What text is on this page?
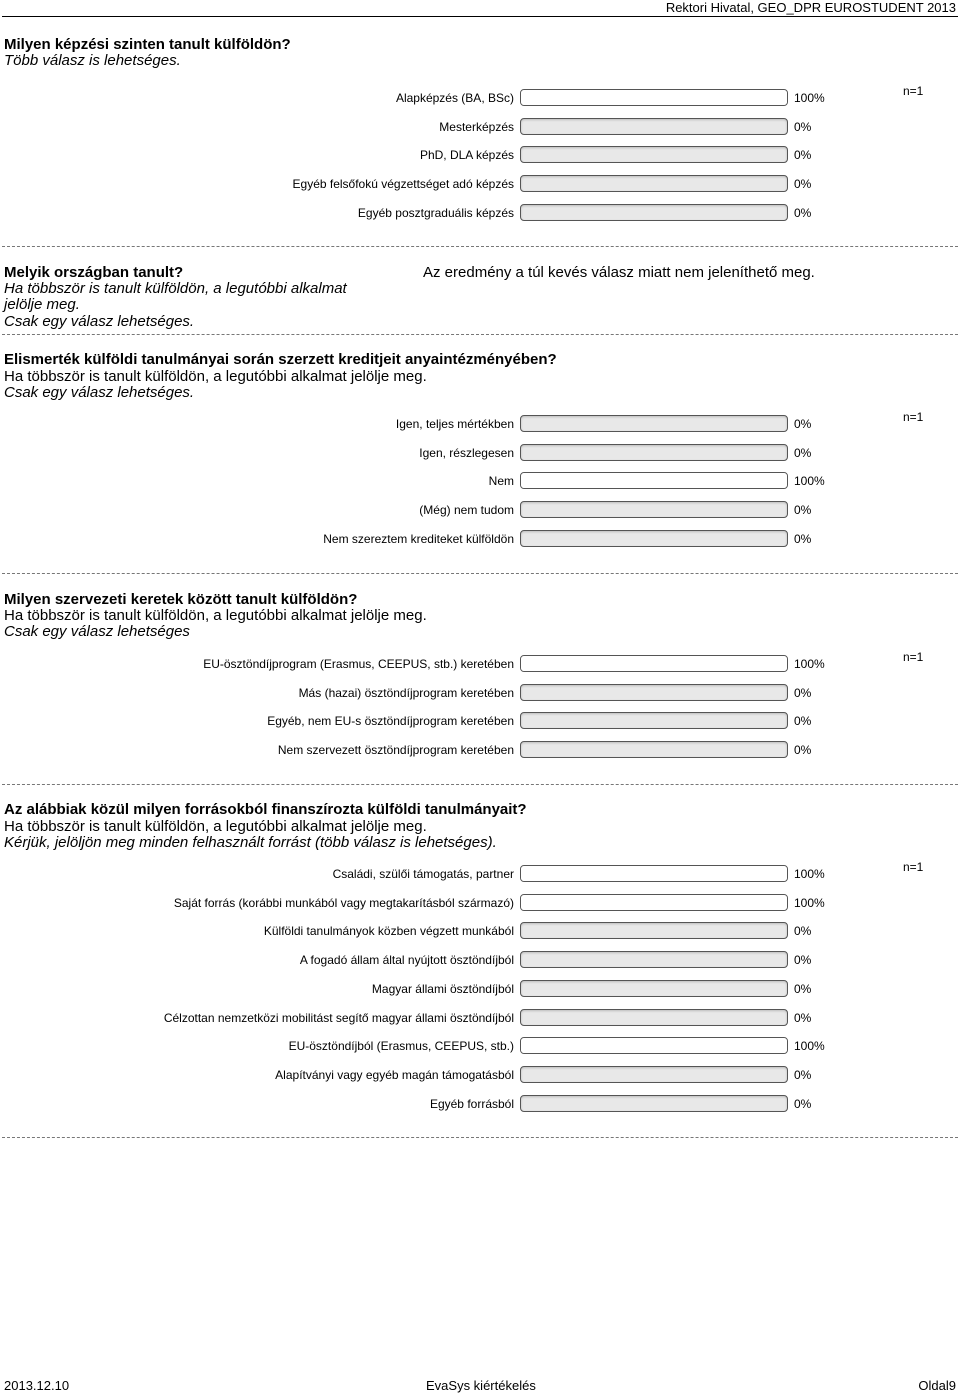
Rektori Hivatal, GEO_DPR EUROSTUDENT 2013
Milyen képzési szinten tanult külföldön?
Több válasz is lehetséges.
n=1
Alapképzés (BA, BSc)	100%
Mesterképzés	0%
PhD, DLA képzés	0%
Egyéb felsőfokú végzettséget adó képzés	0%
Egyéb posztgraduális képzés	0%
Melyik országban tanult?
Ha többször is tanult külföldön, a legutóbbi alkalmat
jelölje meg.
Csak egy válasz lehetséges.
Az eredmény a túl kevés válasz miatt nem jeleníthető meg.
Elismerték külföldi tanulmányai során szerzett kreditjeit anyaintézményében?
Ha többször is tanult külföldön, a legutóbbi alkalmat jelölje meg.
Csak egy válasz lehetséges.
n=1
Igen, teljes mértékben	0%
Igen, részlegesen	0%
Nem	100%
(Még) nem tudom	0%
Nem szereztem krediteket külföldön	0%
Milyen szervezeti keretek között tanult külföldön?
Ha többször is tanult külföldön, a legutóbbi alkalmat jelölje meg.
Csak egy válasz lehetséges
n=1
EU-ösztöndíjprogram (Erasmus, CEEPUS, stb.) keretében	100%
Más (hazai) ösztöndíjprogram keretében	0%
Egyéb, nem EU-s ösztöndíjprogram keretében	0%
Nem szervezett ösztöndíjprogram keretében	0%
Az alábbiak közül milyen forrásokból finanszírozta külföldi tanulmányait?
Ha többször is tanult külföldön, a legutóbbi alkalmat jelölje meg.
Kérjük, jelöljön meg minden felhasznált forrást (több válasz is lehetséges).
n=1
Családi, szülői támogatás, partner	100%
Saját forrás (korábbi munkából vagy megtakarításból származó)	100%
Külföldi tanulmányok közben végzett munkából	0%
A fogadó állam által nyújtott ösztöndíjból	0%
Magyar állami ösztöndíjból	0%
Célzottan nemzetközi mobilitást segítő magyar állami ösztöndíjból	0%
EU-ösztöndíjból (Erasmus, CEEPUS, stb.)	100%
Alapítványi vagy egyéb magán támogatásból	0%
Egyéb forrásból	0%
2013.12.10	EvaSys kiértékelés	Oldal9
